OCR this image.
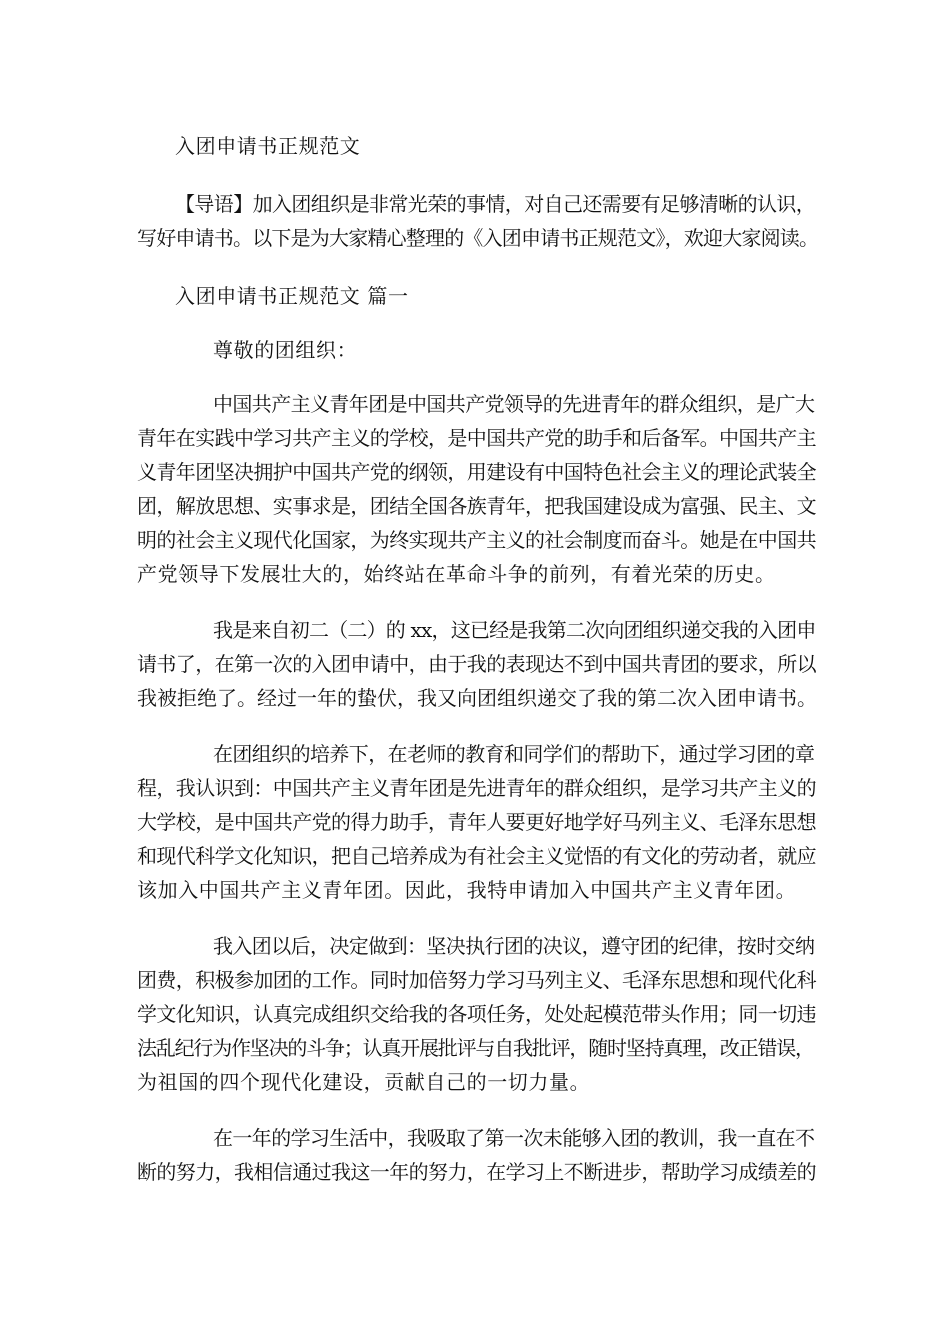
入团申请书正规范文
【导语】加入团组织是非常光荣的事情，对自己还需要有足够清晰的认识，
写好申请书。以下是为大家精心整理的《入团申请书正规范文》，欢迎大家阅读。
入团申请书正规范文 篇一
尊敬的团组织：
中国共产主义青年团是中国共产党领导的先进青年的群众组织，是广大
青年在实践中学习共产主义的学校，是中国共产党的助手和后备军。中国共产主
义青年团坚决拥护中国共产党的纲领，用建设有中国特色社会主义的理论武装全
团，解放思想、实事求是，团结全国各族青年，把我国建设成为富强、民主、文
明的社会主义现代化国家，为终实现共产主义的社会制度而奋斗。她是在中国共
产党领导下发展壮大的，始终站在革命斗争的前列，有着光荣的历史。
我是来自初二（二）的 xx，这已经是我第二次向团组织递交我的入团申
请书了，在第一次的入团申请中，由于我的表现达不到中国共青团的要求，所以
我被拒绝了。经过一年的蛰伏，我又向团组织递交了我的第二次入团申请书。
在团组织的培养下，在老师的教育和同学们的帮助下，通过学习团的章
程，我认识到：中国共产主义青年团是先进青年的群众组织，是学习共产主义的
大学校，是中国共产党的得力助手，青年人要更好地学好马列主义、毛泽东思想
和现代科学文化知识，把自己培养成为有社会主义觉悟的有文化的劳动者，就应
该加入中国共产主义青年团。因此，我特申请加入中国共产主义青年团。
我入团以后，决定做到：坚决执行团的决议，遵守团的纪律，按时交纳
团费，积极参加团的工作。同时加倍努力学习马列主义、毛泽东思想和现代化科
学文化知识，认真完成组织交给我的各项任务，处处起模范带头作用；同一切违
法乱纪行为作坚决的斗争；认真开展批评与自我批评，随时坚持真理，改正错误，
为祖国的四个现代化建设，贡献自己的一切力量。
在一年的学习生活中，我吸取了第一次未能够入团的教训，我一直在不
断的努力，我相信通过我这一年的努力，在学习上不断进步，帮助学习成绩差的
